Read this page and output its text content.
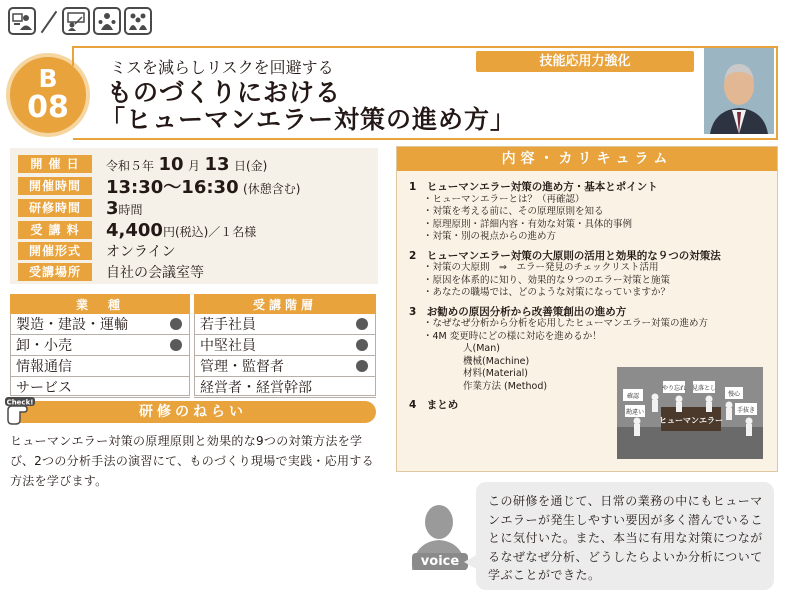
B
08
ミスを減らしリスクを回避する
ものづくりにおける
「ヒューマンエラー対策の進め方」
技能応用力強化
開 催 日	令和５年 10 月 13 日(金)
開催時間	13:30～16:30 (休憩含む)
研修時間	3時間
受 講 料	4,400円(税込)／１名様
開催形式	オンライン
受講場所	自社の会議室等
業　種	
製造・建設・運輸	
卸・小売	
情報通信	
サービス	
受講階層	
若手社員	
中堅社員	
管理・監督者	
経営者・経営幹部	
研修のねらい
Check!
ヒューマンエラー対策の原理原則と効果的な9つの対策方法を学び、2つの分析手法の演習にて、ものづくり現場で実践・応用する方法を学びます。
内容・カリキュラム
1　ヒューマンエラー対策の進め方・基本とポイント
・ヒューマンエラーとは？（再確認）
・対策を考える前に、その原理原則を知る
・原理原則・詳細内容・有効な対策・具体的事例
・対策・別の視点からの進め方
2　ヒューマンエラー対策の大原則の活用と効果的な９つの対策法
・対策の大原則　⇒　エラー発見のチェックリスト活用
・原因を体系的に知り、効果的な９つのエラー対策と施策
・あなたの職場では、どのような対策になっていますか？
3　お勧めの原因分析から改善策創出の進め方
・なぜなぜ分析から分析を応用したヒューマンエラー対策の進め方
・4M 変更時にどの様に対応を進めるか！
人(Man)
機械(Machine)
材料(Material)
作業方法 (Method)
4　まとめ
ヒューマンエラー
確認
勘違い
やり忘れ 見落とし
慢心
手抜き
voice
この研修を通じて、日常の業務の中にもヒューマンエラーが発生しやすい要因が多く潜んでいることに気付いた。また、本当に有用な対策につながるなぜなぜ分析、どうしたらよいか分析について学ぶことができた。
